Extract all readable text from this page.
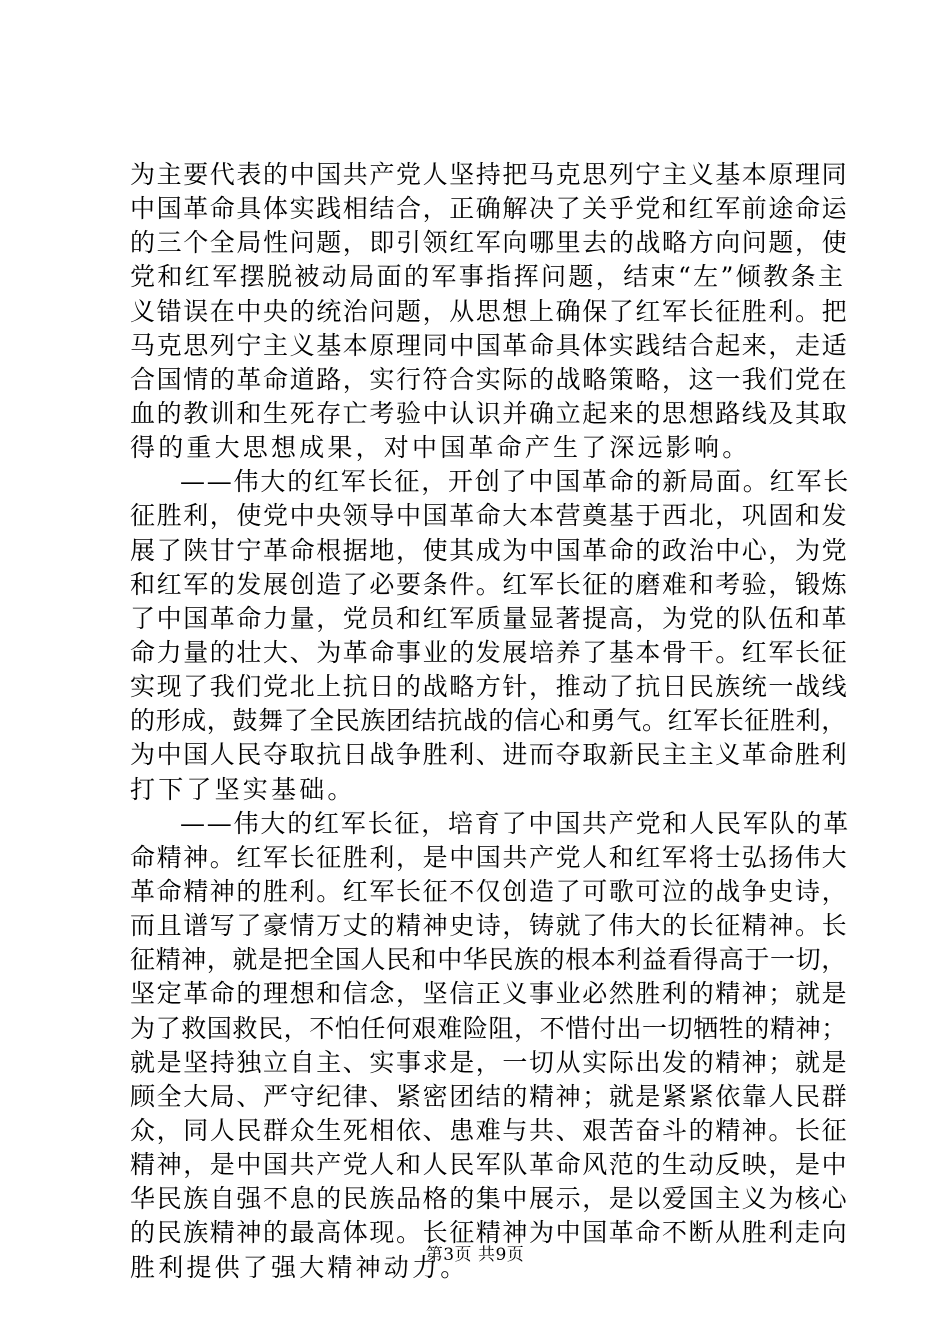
为主要代表的中国共产党人坚持把马克思列宁主义基本原理同
中国革命具体实践相结合，正确解决了关乎党和红军前途命运
的三个全局性问题，即引领红军向哪里去的战略方向问题，使
党和红军摆脱被动局面的军事指挥问题，结束“左”倾教条主
义错误在中央的统治问题，从思想上确保了红军长征胜利。把
马克思列宁主义基本原理同中国革命具体实践结合起来，走适
合国情的革命道路，实行符合实际的战略策略，这一我们党在
血的教训和生死存亡考验中认识并确立起来的思想路线及其取
得的重大思想成果，对中国革命产生了深远影响。
——伟大的红军长征，开创了中国革命的新局面。红军长
征胜利，使党中央领导中国革命大本营奠基于西北，巩固和发
展了陕甘宁革命根据地，使其成为中国革命的政治中心，为党
和红军的发展创造了必要条件。红军长征的磨难和考验，锻炼
了中国革命力量，党员和红军质量显著提高，为党的队伍和革
命力量的壮大、为革命事业的发展培养了基本骨干。红军长征
实现了我们党北上抗日的战略方针，推动了抗日民族统一战线
的形成，鼓舞了全民族团结抗战的信心和勇气。红军长征胜利，
为中国人民夺取抗日战争胜利、进而夺取新民主主义革命胜利
打下了坚实基础。
——伟大的红军长征，培育了中国共产党和人民军队的革
命精神。红军长征胜利，是中国共产党人和红军将士弘扬伟大
革命精神的胜利。红军长征不仅创造了可歌可泣的战争史诗，
而且谱写了豪情万丈的精神史诗，铸就了伟大的长征精神。长
征精神，就是把全国人民和中华民族的根本利益看得高于一切，
坚定革命的理想和信念，坚信正义事业必然胜利的精神；就是
为了救国救民，不怕任何艰难险阻，不惜付出一切牺牲的精神；
就是坚持独立自主、实事求是，一切从实际出发的精神；就是
顾全大局、严守纪律、紧密团结的精神；就是紧紧依靠人民群
众，同人民群众生死相依、患难与共、艰苦奋斗的精神。长征
精神，是中国共产党人和人民军队革命风范的生动反映，是中
华民族自强不息的民族品格的集中展示，是以爱国主义为核心
的民族精神的最高体现。长征精神为中国革命不断从胜利走向
胜利提供了强大精神动力。
第3页 共9页
